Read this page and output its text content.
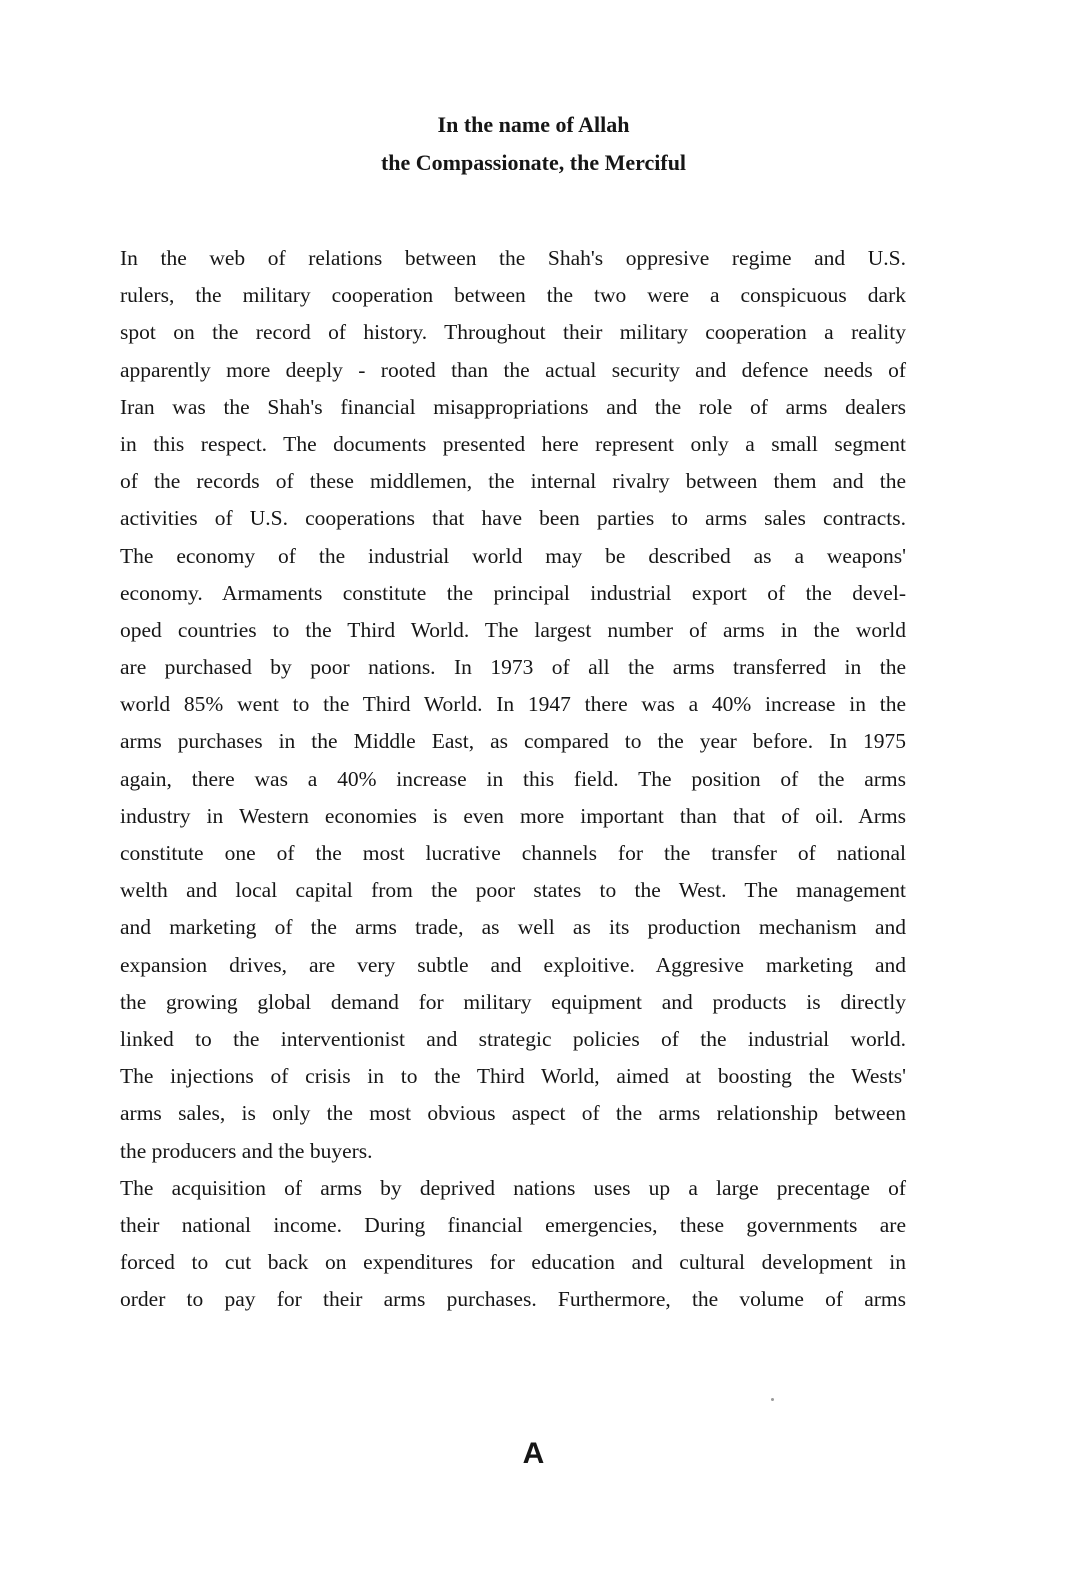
In the name of Allah
the Compassionate, the Merciful
In the web of relations between the Shah's oppresive regime and U.S.
rulers, the military cooperation between the two were a conspicuous dark
spot on the record of history. Throughout their military cooperation a reality
apparently more deeply - rooted than the actual security and defence needs of
Iran was the Shah's financial misappropriations and the role of arms dealers
in this respect. The documents presented here represent only a small segment
of the records of these middlemen, the internal rivalry between them and the
activities of U.S. cooperations that have been parties to arms sales contracts.
The economy of the industrial world may be described as a weapons'
economy. Armaments constitute the principal industrial export of the devel-
oped countries to the Third World. The largest number of arms in the world
are purchased by poor nations. In 1973 of all the arms transferred in the
world 85% went to the Third World. In 1947 there was a 40% increase in the
arms purchases in the Middle East, as compared to the year before. In 1975
again, there was a 40% increase in this field. The position of the arms
industry in Western economies is even more important than that of oil. Arms
constitute one of the most lucrative channels for the transfer of national
welth and local capital from the poor states to the West. The management
and marketing of the arms trade, as well as its production mechanism and
expansion drives, are very subtle and exploitive. Aggresive marketing and
the growing global demand for military equipment and products is directly
linked to the interventionist and strategic policies of the industrial world.
The injections of crisis in to the Third World, aimed at boosting the Wests'
arms sales, is only the most obvious aspect of the arms relationship between
the producers and the buyers.
The acquisition of arms by deprived nations uses up a large precentage of
their national income. During financial emergencies, these governments are
forced to cut back on expenditures for education and cultural development in
order to pay for their arms purchases. Furthermore, the volume of arms
A
